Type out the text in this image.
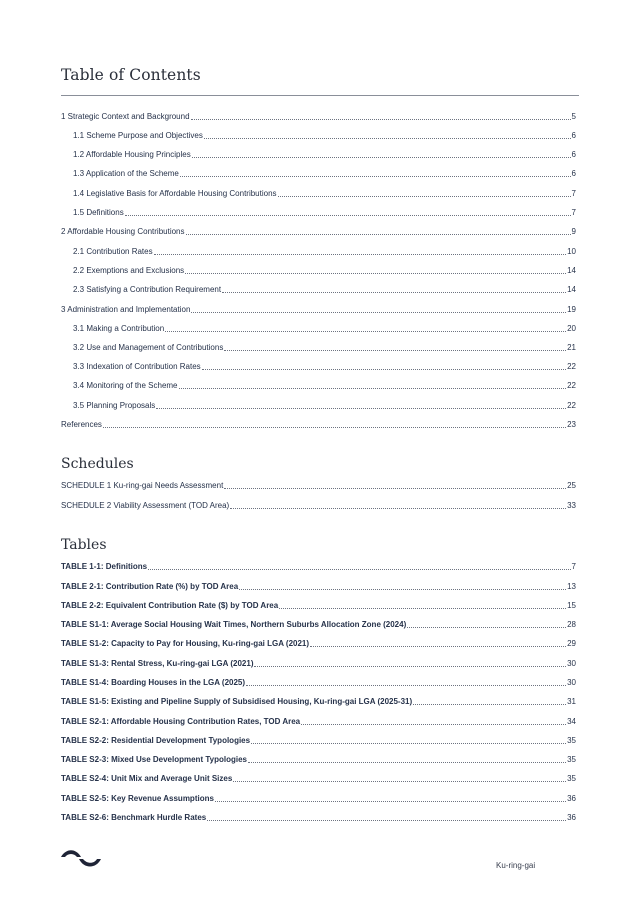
Table of Contents
1 Strategic Context and Background	5
1.1 Scheme Purpose and Objectives	6
1.2 Affordable Housing Principles	6
1.3 Application of the Scheme	6
1.4 Legislative Basis for Affordable Housing Contributions	7
1.5 Definitions	7
2 Affordable Housing Contributions	9
2.1 Contribution Rates	10
2.2 Exemptions and Exclusions	14
2.3 Satisfying a Contribution Requirement	14
3 Administration and Implementation	19
3.1 Making a Contribution	20
3.2 Use and Management of Contributions	21
3.3 Indexation of Contribution Rates	22
3.4 Monitoring of the Scheme	22
3.5 Planning Proposals	22
References	23
Schedules
SCHEDULE 1 Ku-ring-gai Needs Assessment	25
SCHEDULE 2 Viability Assessment (TOD Area)	33
Tables
TABLE 1-1: Definitions	7
TABLE 2-1: Contribution Rate (%) by TOD Area	13
TABLE 2-2: Equivalent Contribution Rate ($) by TOD Area	15
TABLE S1-1: Average Social Housing Wait Times, Northern Suburbs Allocation Zone (2024)	28
TABLE S1-2: Capacity to Pay for Housing, Ku-ring-gai LGA (2021)	29
TABLE S1-3: Rental Stress, Ku-ring-gai LGA (2021)	30
TABLE S1-4: Boarding Houses in the LGA (2025)	30
TABLE S1-5: Existing and Pipeline Supply of Subsidised Housing, Ku-ring-gai LGA (2025-31)	31
TABLE S2-1: Affordable Housing Contribution Rates, TOD Area	34
TABLE S2-2: Residential Development Typologies	35
TABLE S2-3: Mixed Use Development Typologies	35
TABLE S2-4: Unit Mix and Average Unit Sizes	35
TABLE S2-5: Key Revenue Assumptions	36
TABLE S2-6: Benchmark Hurdle Rates	36
Ku-ring-gai
